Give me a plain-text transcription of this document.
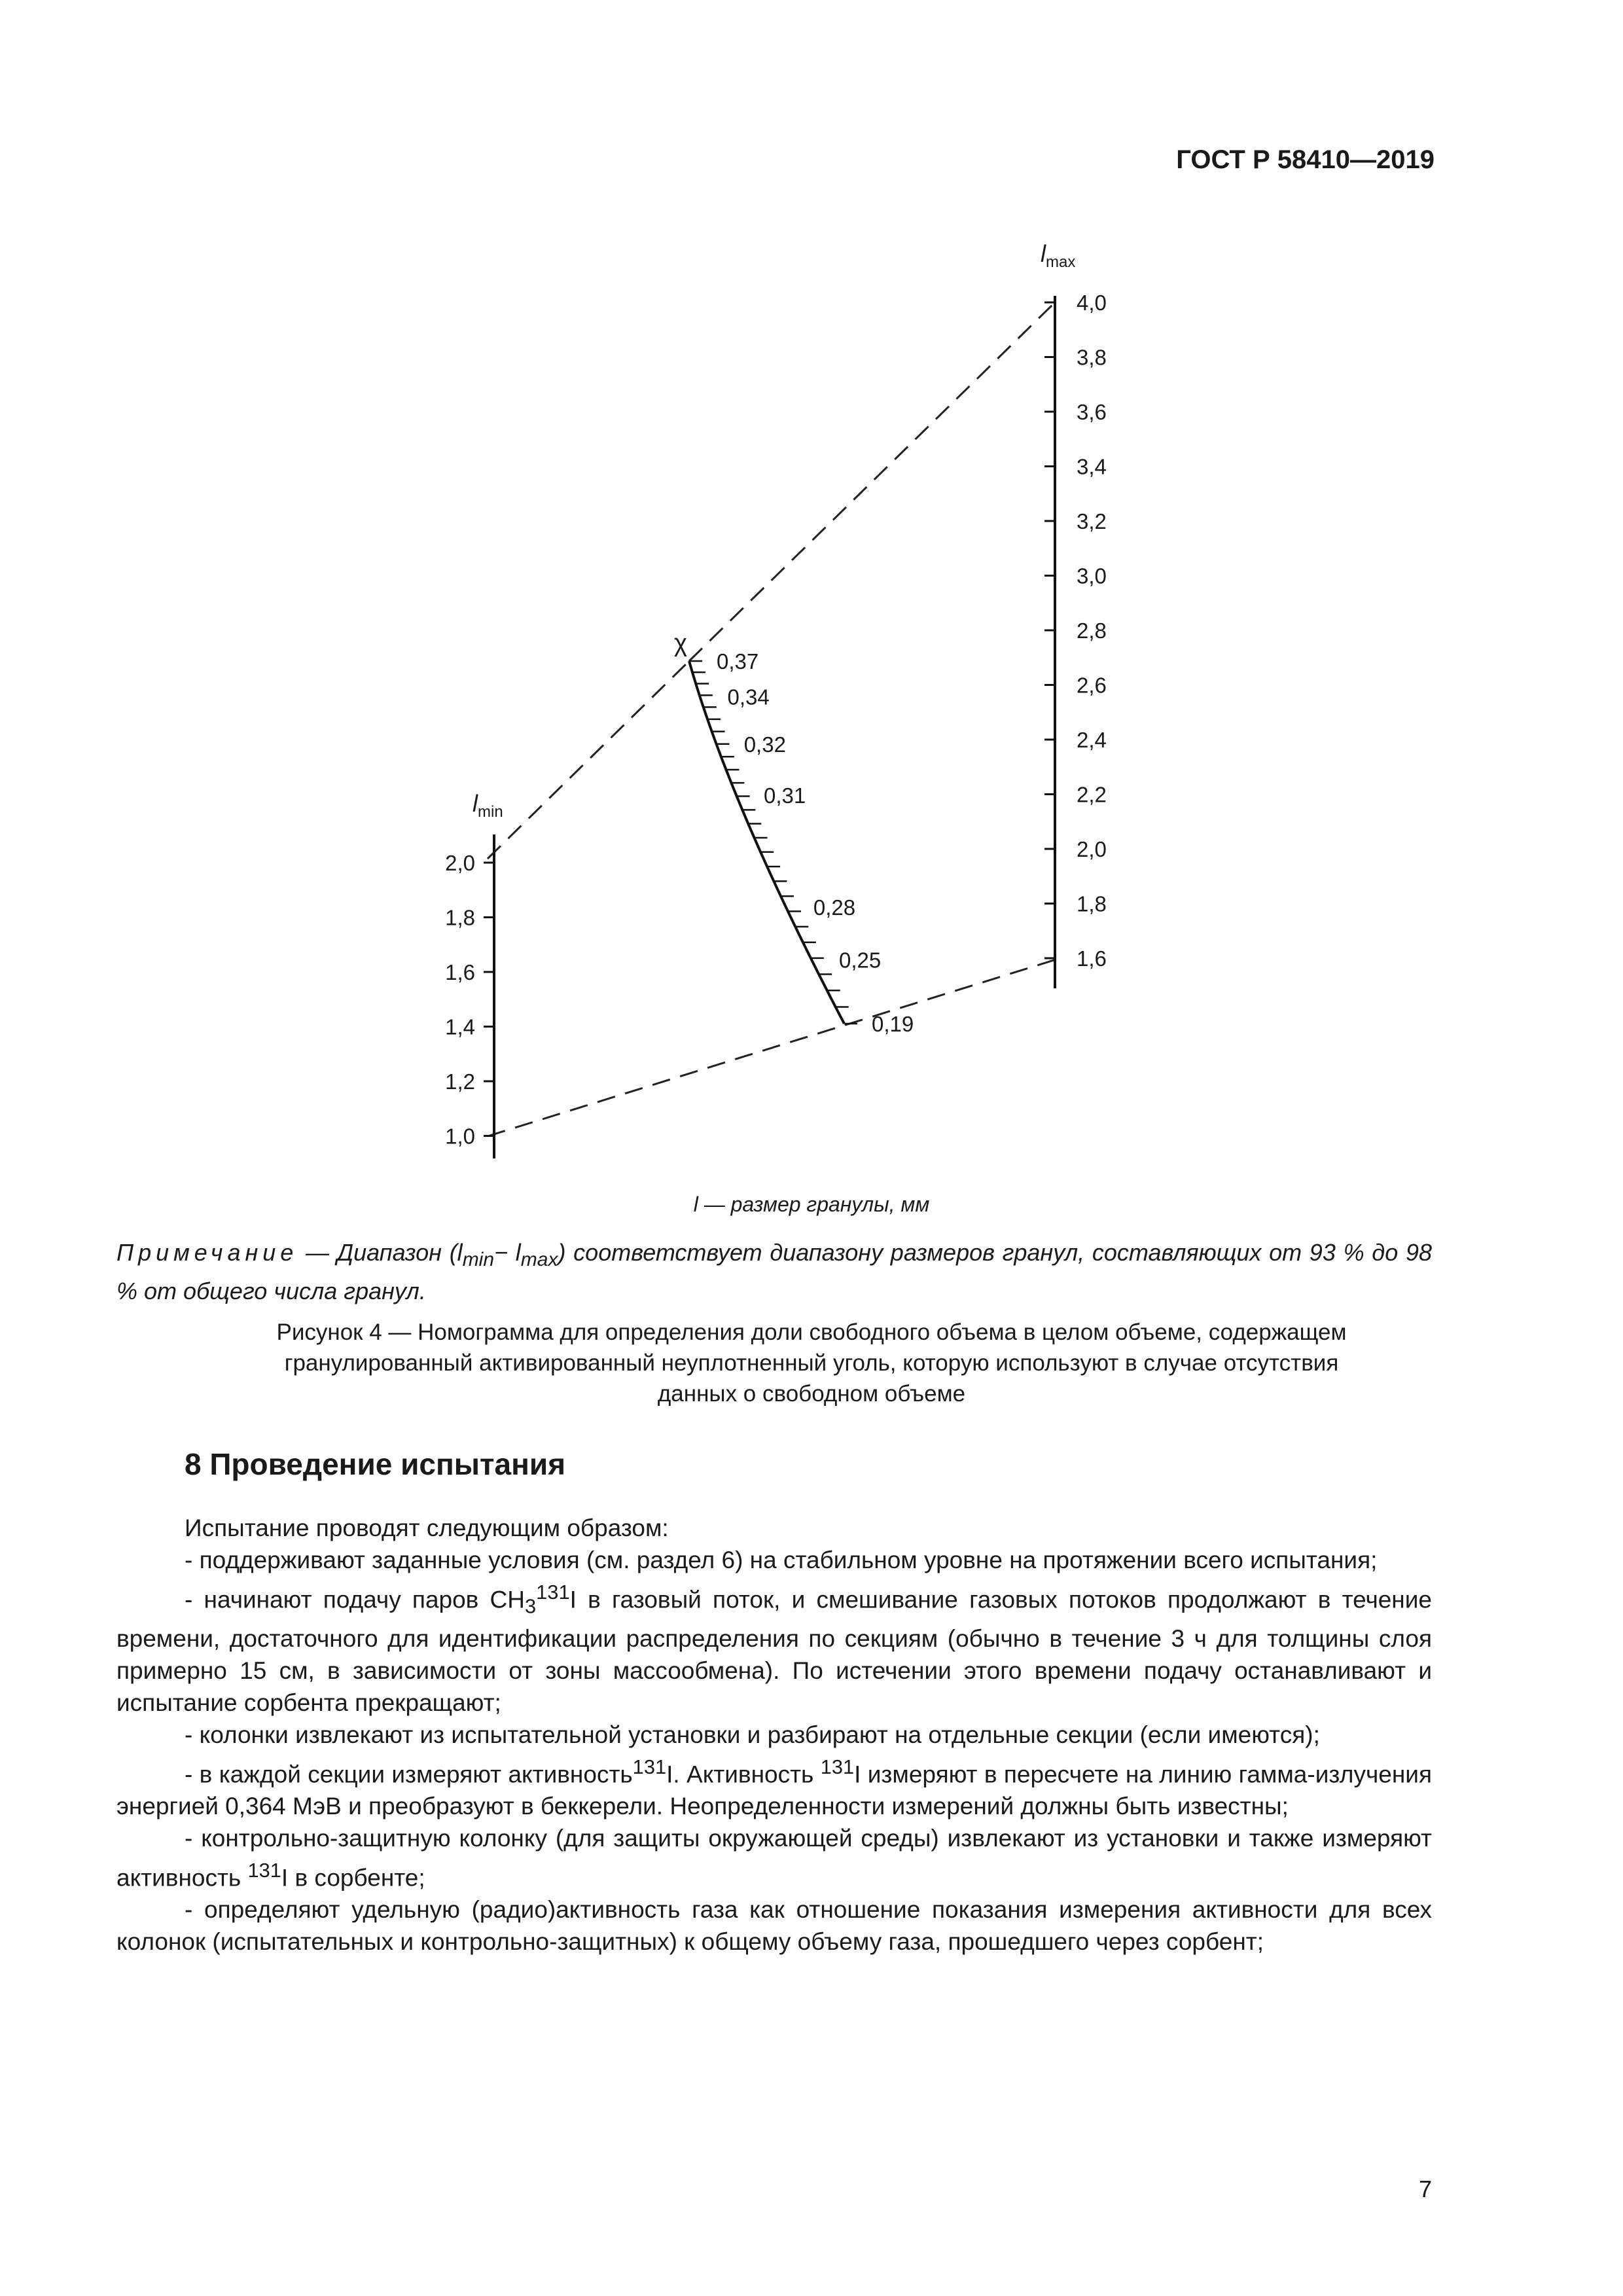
ГОСТ Р 58410—2019
4,0
3,8
3,6
3,4
3,2
3,0
2,8
2,6
2,4
2,2
2,0
1,8
1,6
$l_{max}$
2,0
1,8
1,6
1,4
1,2
1,0
$l_{min}$
0,37
0,34
0,32
0,31
0,28
0,25
0,19
χ
l — размер гранулы, мм
Примечание — Диапазон $(l_{min}- l_{max})$ соответствует диапазону размеров гранул, составляющих от 93 % до 98 % от общего числа гранул.
Рисунок 4 — Номограмма для определения доли свободного объема в целом объеме, содержащем
гранулированный активированный неуплотненный уголь, которую используют в случае отсутствия
данных о свободном объеме
8 Проведение испытания

Испытание проводят следующим образом:

- поддерживают заданные условия (см. раздел 6) на стабильном уровне на протяжении всего испытания;

- начинают подачу паров $CH_3^{131}I$ в газовый поток, и смешивание газовых потоков продолжают в течение времени, достаточного для идентификации распределения по секциям (обычно в течение 3 ч для толщины слоя примерно 15 см, в зависимости от зоны массообмена). По истечении этого времени подачу останавливают и испытание сорбента прекращают;

- колонки извлекают из испытательной установки и разбирают на отдельные секции (если имеются);

- в каждой секции измеряют активность$^{131}$I. Активность $^{131}$I измеряют в пересчете на линию гамма-излучения энергией 0,364 МэВ и преобразуют в беккерели. Неопределенности измерений должны быть известны;

- контрольно-защитную колонку (для защиты окружающей среды) извлекают из установки и также измеряют активность $^{131}$I в сорбенте;

- определяют удельную (радио)активность газа как отношение показания измерения активности для всех колонок (испытательных и контрольно-защитных) к общему объему газа, прошедшего через сорбент;

7
